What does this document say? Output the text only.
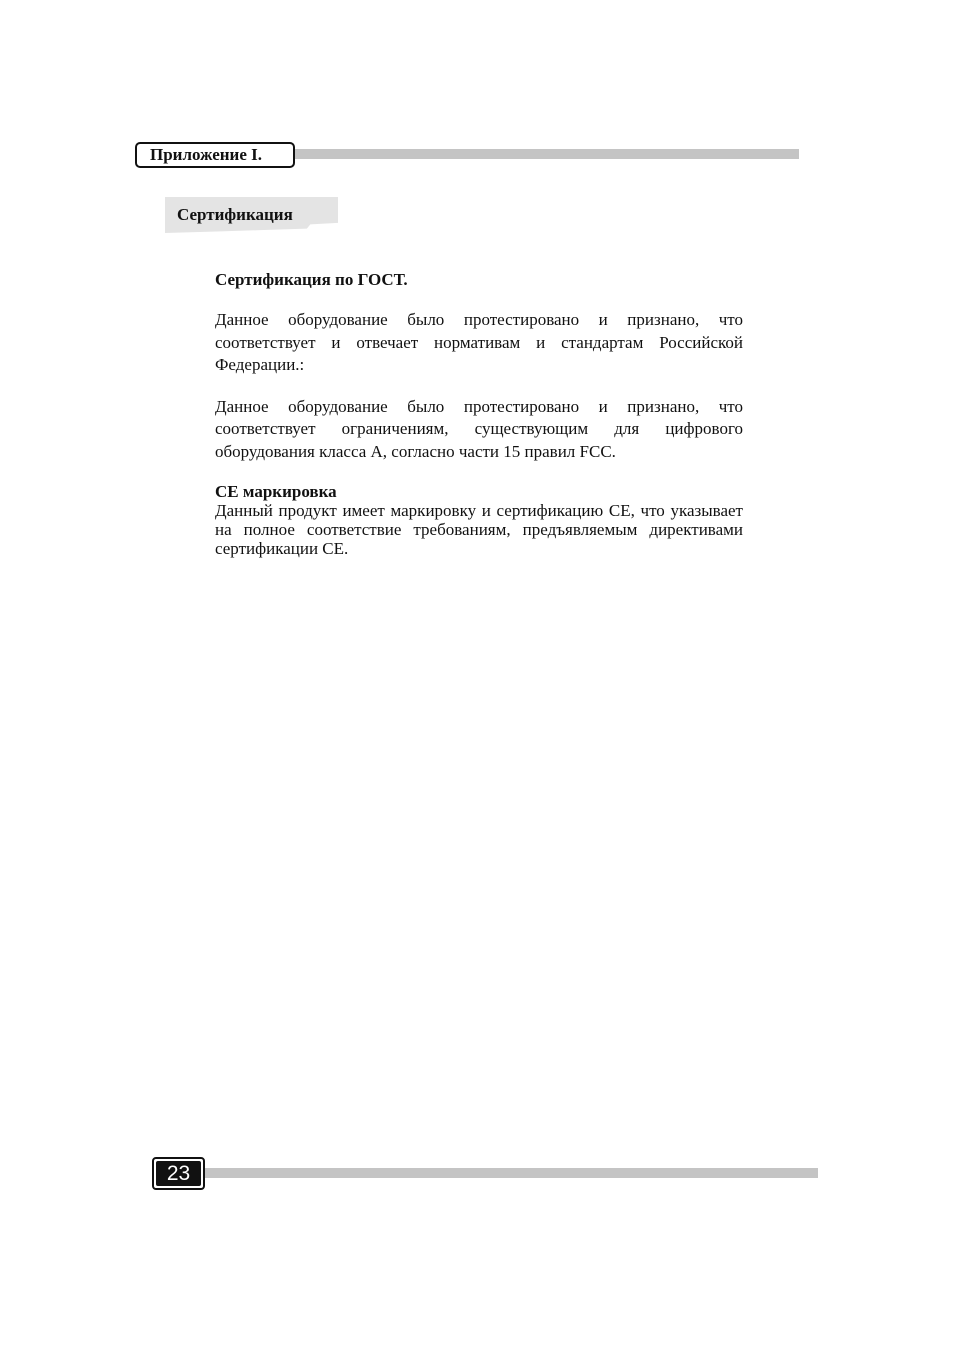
Приложение I.
Сертификация

Сертификация по ГОСТ.

Данное оборудование было протестировано и признано, что соответствует и отвечает нормативам и стандартам Российской Федерации.:

Данное оборудование было протестировано и признано, что соответствует ограничениям, существующим для цифрового оборудования класса А, согласно части 15 правил FCC.

CE маркировка

Данный продукт имеет маркировку и сертификацию CE, что указывает на полное соответствие требованиям, предъявляемым директивами сертификации CE.

23
